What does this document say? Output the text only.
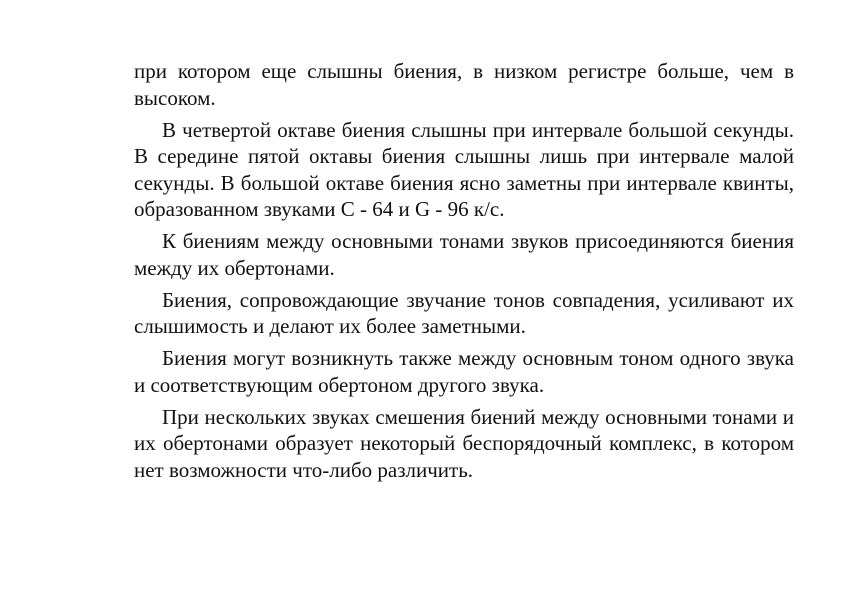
при котором еще слышны биения, в низком регистре больше, чем в высоком.

В четвертой октаве биения слышны при интервале большой секунды. В середине пятой октавы биения слышны лишь при интервале малой секунды. В большой октаве биения ясно заметны при интервале квинты, образованном звуками С - 64 и G - 96 к/с.

К биениям между основными тонами звуков присоединяются биения между их обертонами.

Биения, сопровождающие звучание тонов совпадения, усиливают их слышимость и делают их более заметными.

Биения могут возникнуть также между основным тоном одного звука и соответствующим обертоном другого звука.

При нескольких звуках смешения биений между основными тонами и их обертонами образует некоторый беспорядочный комплекс, в котором нет возможности что-либо различить.
